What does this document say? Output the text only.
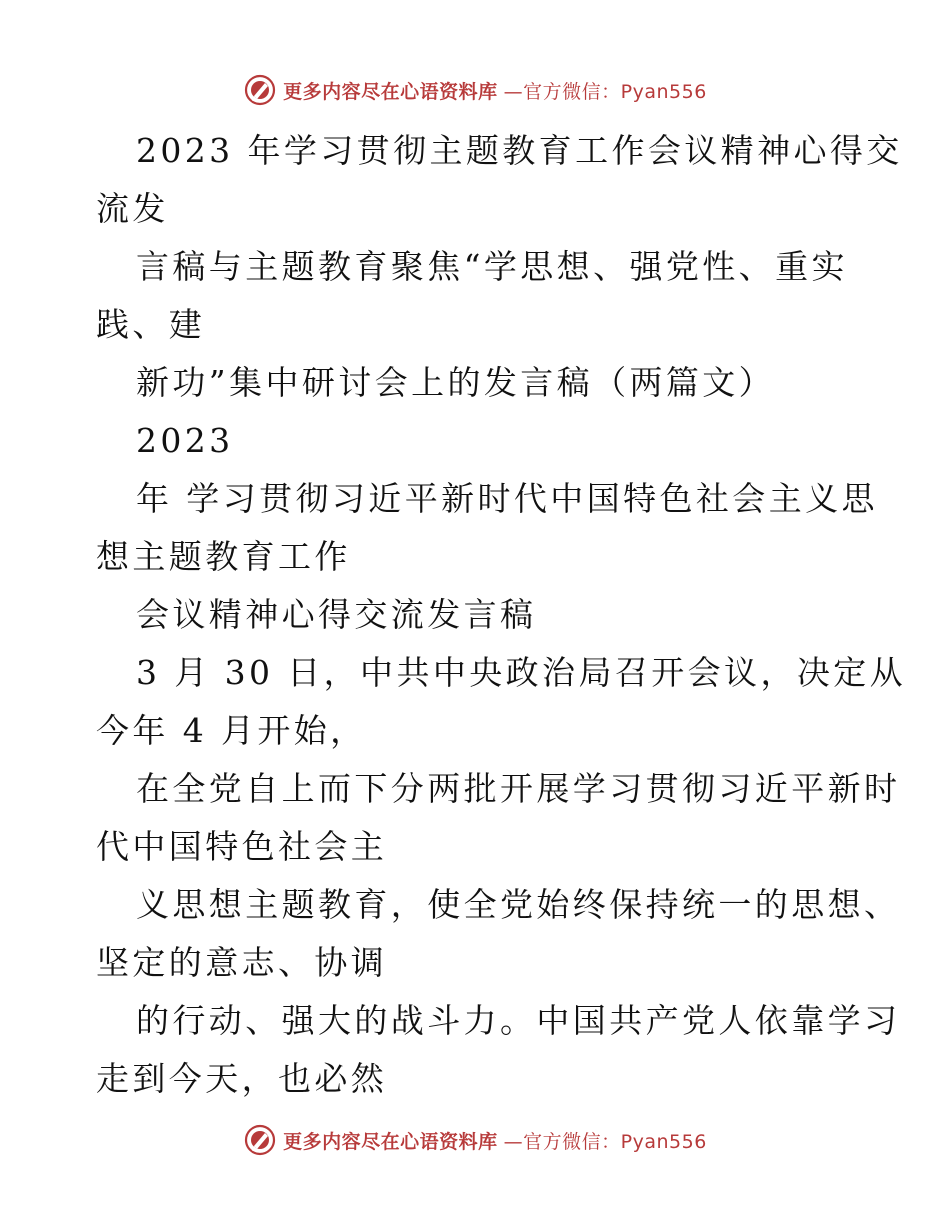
更多内容尽在心语资料库 —官方微信：Pyan556
2023 年学习贯彻主题教育工作会议精神心得交
流发
言稿与主题教育聚焦“学思想、强党性、重实
践、建
新功”集中研讨会上的发言稿（两篇文）
2023
年 学习贯彻习近平新时代中国特色社会主义思
想主题教育工作
会议精神心得交流发言稿
3 月 30 日，中共中央政治局召开会议，决定从
今年 4 月开始，
在全党自上而下分两批开展学习贯彻习近平新时
代中国特色社会主
义思想主题教育，使全党始终保持统一的思想、
坚定的意志、协调
的行动、强大的战斗力。中国共产党人依靠学习
走到今天，也必然
更多内容尽在心语资料库 —官方微信：Pyan556
